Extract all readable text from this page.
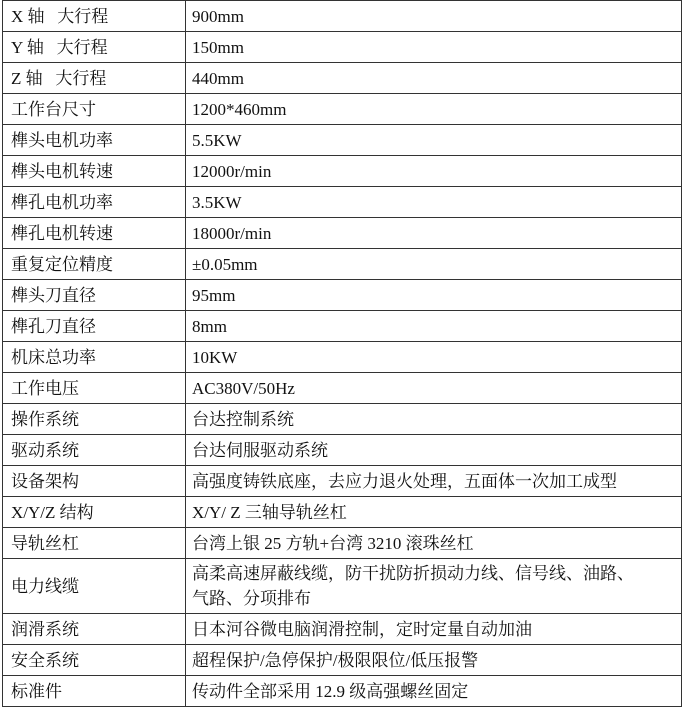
X 轴   大行程	900mm
Y 轴   大行程	150mm
Z 轴   大行程	440mm
工作台尺寸	1200*460mm
榫头电机功率	5.5KW
榫头电机转速	12000r/min
榫孔电机功率	3.5KW
榫孔电机转速	18000r/min
重复定位精度	±0.05mm
榫头刀直径	95mm
榫孔刀直径	8mm
机床总功率	10KW
工作电压	AC380V/50Hz
操作系统	台达控制系统
驱动系统	台达伺服驱动系统
设备架构	高强度铸铁底座，去应力退火处理，五面体一次加工成型
X/Y/Z 结构	X/Y/ Z 三轴导轨丝杠
导轨丝杠	台湾上银 25 方轨+台湾 3210 滚珠丝杠
电力线缆	高柔高速屏蔽线缆，防干扰防折损动力线、信号线、油路、
气路、分项排布
润滑系统	日本河谷微电脑润滑控制，定时定量自动加油
安全系统	超程保护/急停保护/极限限位/低压报警
标准件	传动件全部采用 12.9 级高强螺丝固定
